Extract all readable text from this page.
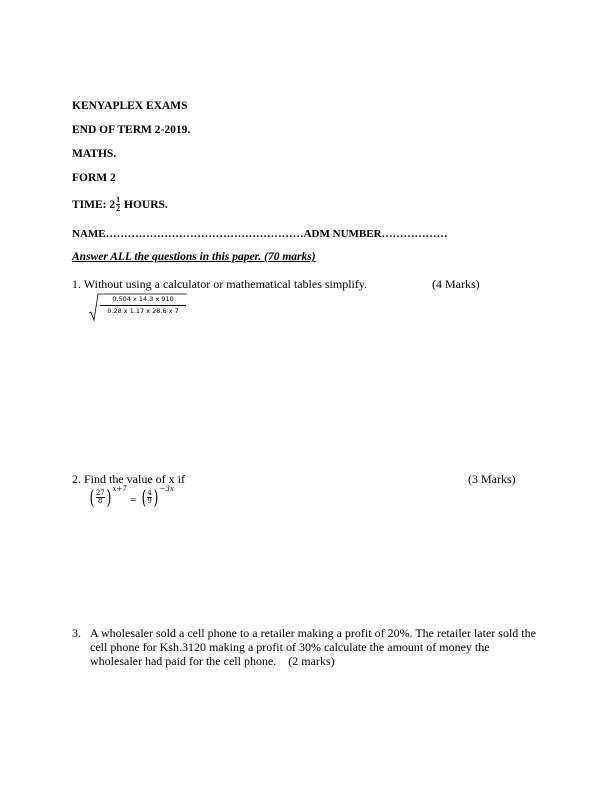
KENYAPLEX EXAMS
END OF TERM 2-2019.
MATHS.
FORM 2
TIME: $2 \frac{1}{2}$ HOURS.
NAME………………………………………………ADM NUMBER………………
Answer ALL the questions in this paper. (70 marks)
1. Without using a calculator or mathematical tables simplify.	(4 Marks)
0.504 x 14.3 x 910
0.28 x 1.17 x 28.6 x 7
2. Find the value of x if	(3 Marks)
( $\frac{27}{8}$ ) x+7
= ( $\frac{4}{9}$ ) −3x
3. A wholesaler sold a cell phone to a retailer making a profit of 20%. The retailer later sold the
cell phone for Ksh.3120 making a profit of 30% calculate the amount of money the
wholesaler had paid for the cell phone.    (2 marks)
